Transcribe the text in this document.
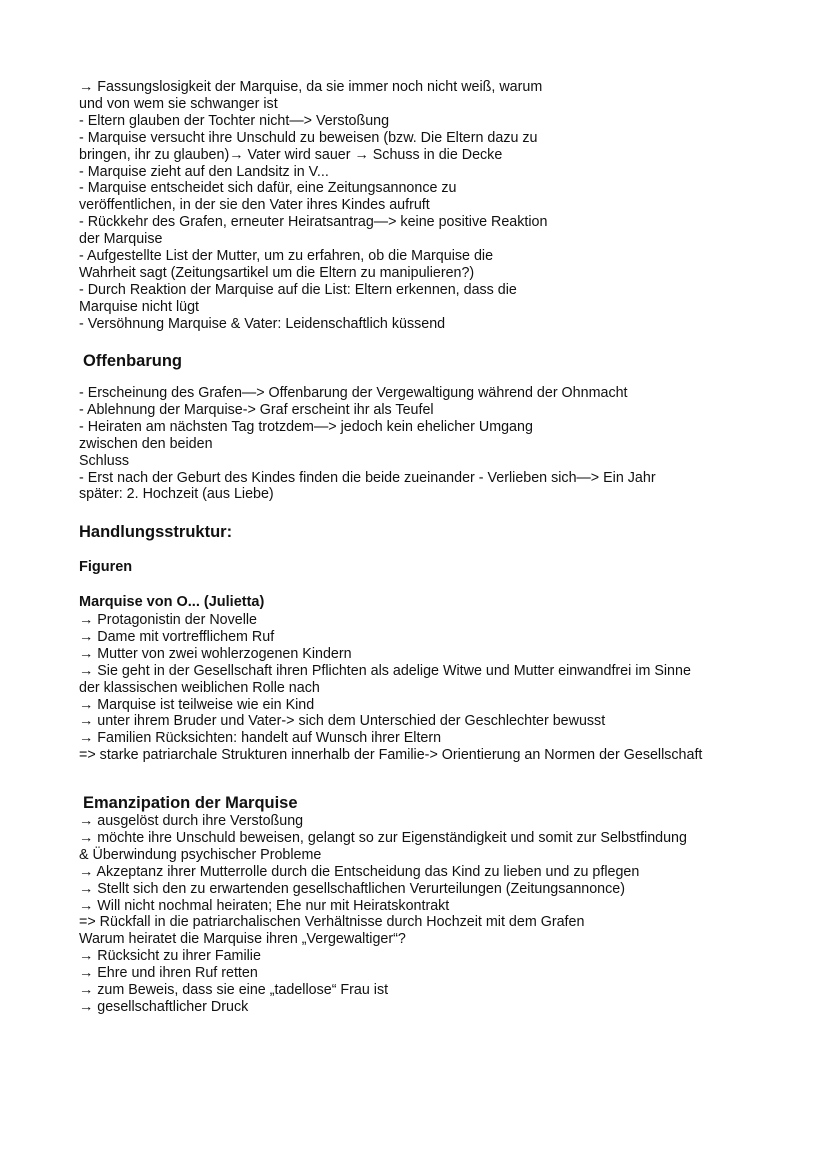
→ Fassungslosigkeit der Marquise, da sie immer noch nicht weiß, warum
und von wem sie schwanger ist
- Eltern glauben der Tochter nicht—> Verstoßung
- Marquise versucht ihre Unschuld zu beweisen (bzw. Die Eltern dazu zu
bringen, ihr zu glauben)→ Vater wird sauer → Schuss in die Decke
- Marquise zieht auf den Landsitz in V...
- Marquise entscheidet sich dafür, eine Zeitungsannonce zu
veröffentlichen, in der sie den Vater ihres Kindes aufruft
- Rückkehr des Grafen, erneuter Heiratsantrag—> keine positive Reaktion
der Marquise
- Aufgestellte List der Mutter, um zu erfahren, ob die Marquise die
Wahrheit sagt (Zeitungsartikel um die Eltern zu manipulieren?)
- Durch Reaktion der Marquise auf die List: Eltern erkennen, dass die
Marquise nicht lügt
- Versöhnung Marquise & Vater: Leidenschaftlich küssend
Offenbarung
- Erscheinung des Grafen—> Offenbarung der Vergewaltigung während der Ohnmacht
- Ablehnung der Marquise-> Graf erscheint ihr als Teufel
- Heiraten am nächsten Tag trotzdem—> jedoch kein ehelicher Umgang
zwischen den beiden
Schluss
- Erst nach der Geburt des Kindes finden die beide zueinander - Verlieben sich—> Ein Jahr
später: 2. Hochzeit (aus Liebe)
Handlungsstruktur:
Figuren
Marquise von O... (Julietta)
→ Protagonistin der Novelle
→ Dame mit vortrefflichem Ruf
→ Mutter von zwei wohlerzogenen Kindern
→ Sie geht in der Gesellschaft ihren Pflichten als adelige Witwe und Mutter einwandfrei im Sinne
der klassischen weiblichen Rolle nach
→ Marquise ist teilweise wie ein Kind
→ unter ihrem Bruder und Vater-> sich dem Unterschied der Geschlechter bewusst
→ Familien Rücksichten: handelt auf Wunsch ihrer Eltern
=> starke patriarchale Strukturen innerhalb der Familie-> Orientierung an Normen der Gesellschaft
Emanzipation der Marquise
→ ausgelöst durch ihre Verstoßung
→ möchte ihre Unschuld beweisen, gelangt so zur Eigenständigkeit und somit zur Selbstfindung
& Überwindung psychischer Probleme
→ Akzeptanz ihrer Mutterrolle durch die Entscheidung das Kind zu lieben und zu pflegen
→ Stellt sich den zu erwartenden gesellschaftlichen Verurteilungen (Zeitungsannonce)
→ Will nicht nochmal heiraten; Ehe nur mit Heiratskontrakt
=> Rückfall in die patriarchalischen Verhältnisse durch Hochzeit mit dem Grafen
Warum heiratet die Marquise ihren „Vergewaltiger“?
→ Rücksicht zu ihrer Familie
→ Ehre und ihren Ruf retten
→ zum Beweis, dass sie eine „tadellose“ Frau ist
→ gesellschaftlicher Druck
